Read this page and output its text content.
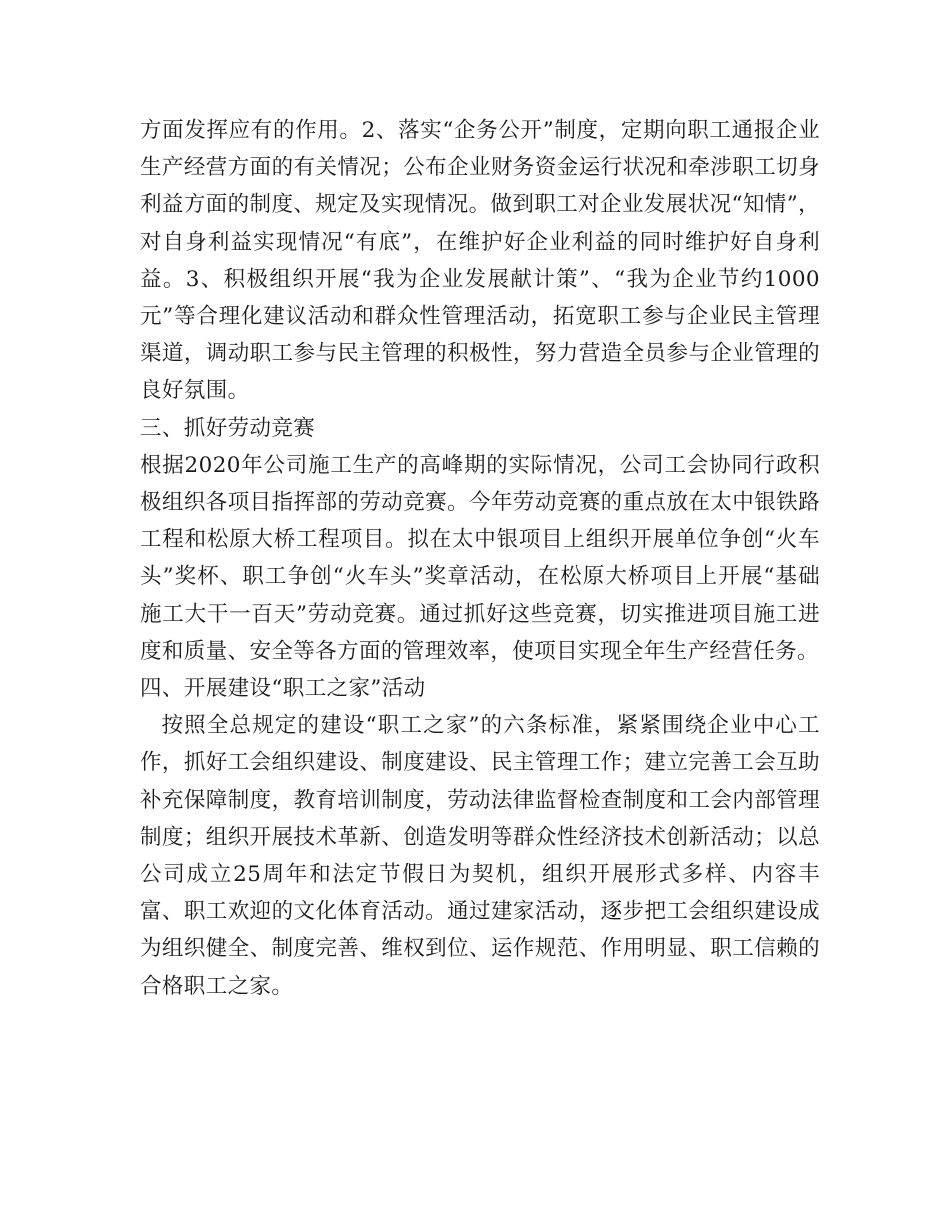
方面发挥应有的作用。2、落实“企务公开”制度，定期向职工通报企业生产经营方面的有关情况；公布企业财务资金运行状况和牵涉职工切身利益方面的制度、规定及实现情况。做到职工对企业发展状况“知情”，对自身利益实现情况“有底”，在维护好企业利益的同时维护好自身利益。3、积极组织开展“我为企业发展献计策”、“我为企业节约1000元”等合理化建议活动和群众性管理活动，拓宽职工参与企业民主管理渠道，调动职工参与民主管理的积极性，努力营造全员参与企业管理的良好氛围。

三、抓好劳动竞赛

根据2020年公司施工生产的高峰期的实际情况，公司工会协同行政积极组织各项目指挥部的劳动竞赛。今年劳动竞赛的重点放在太中银铁路工程和松原大桥工程项目。拟在太中银项目上组织开展单位争创“火车头”奖杯、职工争创“火车头”奖章活动，在松原大桥项目上开展“基础施工大干一百天”劳动竞赛。通过抓好这些竞赛，切实推进项目施工进度和质量、安全等各方面的管理效率，使项目实现全年生产经营任务。

四、开展建设“职工之家”活动

按照全总规定的建设“职工之家”的六条标准，紧紧围绕企业中心工作，抓好工会组织建设、制度建设、民主管理工作；建立完善工会互助补充保障制度，教育培训制度，劳动法律监督检查制度和工会内部管理制度；组织开展技术革新、创造发明等群众性经济技术创新活动；以总公司成立25周年和法定节假日为契机，组织开展形式多样、内容丰富、职工欢迎的文化体育活动。通过建家活动，逐步把工会组织建设成为组织健全、制度完善、维权到位、运作规范、作用明显、职工信赖的合格职工之家。
